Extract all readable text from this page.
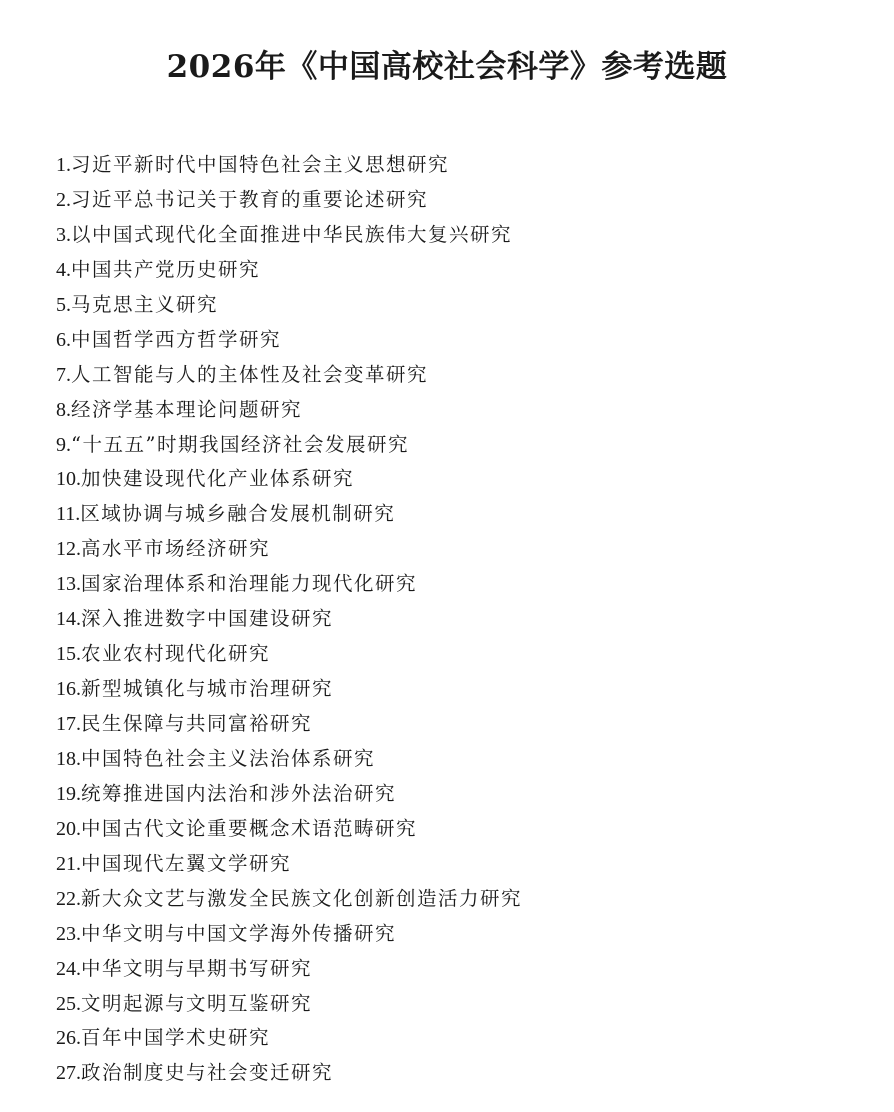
2026年《中国高校社会科学》参考选题
1.习近平新时代中国特色社会主义思想研究
2.习近平总书记关于教育的重要论述研究
3.以中国式现代化全面推进中华民族伟大复兴研究
4.中国共产党历史研究
5.马克思主义研究
6.中国哲学西方哲学研究
7.人工智能与人的主体性及社会变革研究
8.经济学基本理论问题研究
9.“十五五”时期我国经济社会发展研究
10.加快建设现代化产业体系研究
11.区域协调与城乡融合发展机制研究
12.高水平市场经济研究
13.国家治理体系和治理能力现代化研究
14.深入推进数字中国建设研究
15.农业农村现代化研究
16.新型城镇化与城市治理研究
17.民生保障与共同富裕研究
18.中国特色社会主义法治体系研究
19.统筹推进国内法治和涉外法治研究
20.中国古代文论重要概念术语范畴研究
21.中国现代左翼文学研究
22.新大众文艺与激发全民族文化创新创造活力研究
23.中华文明与中国文学海外传播研究
24.中华文明与早期书写研究
25.文明起源与文明互鉴研究
26.百年中国学术史研究
27.政治制度史与社会变迁研究
